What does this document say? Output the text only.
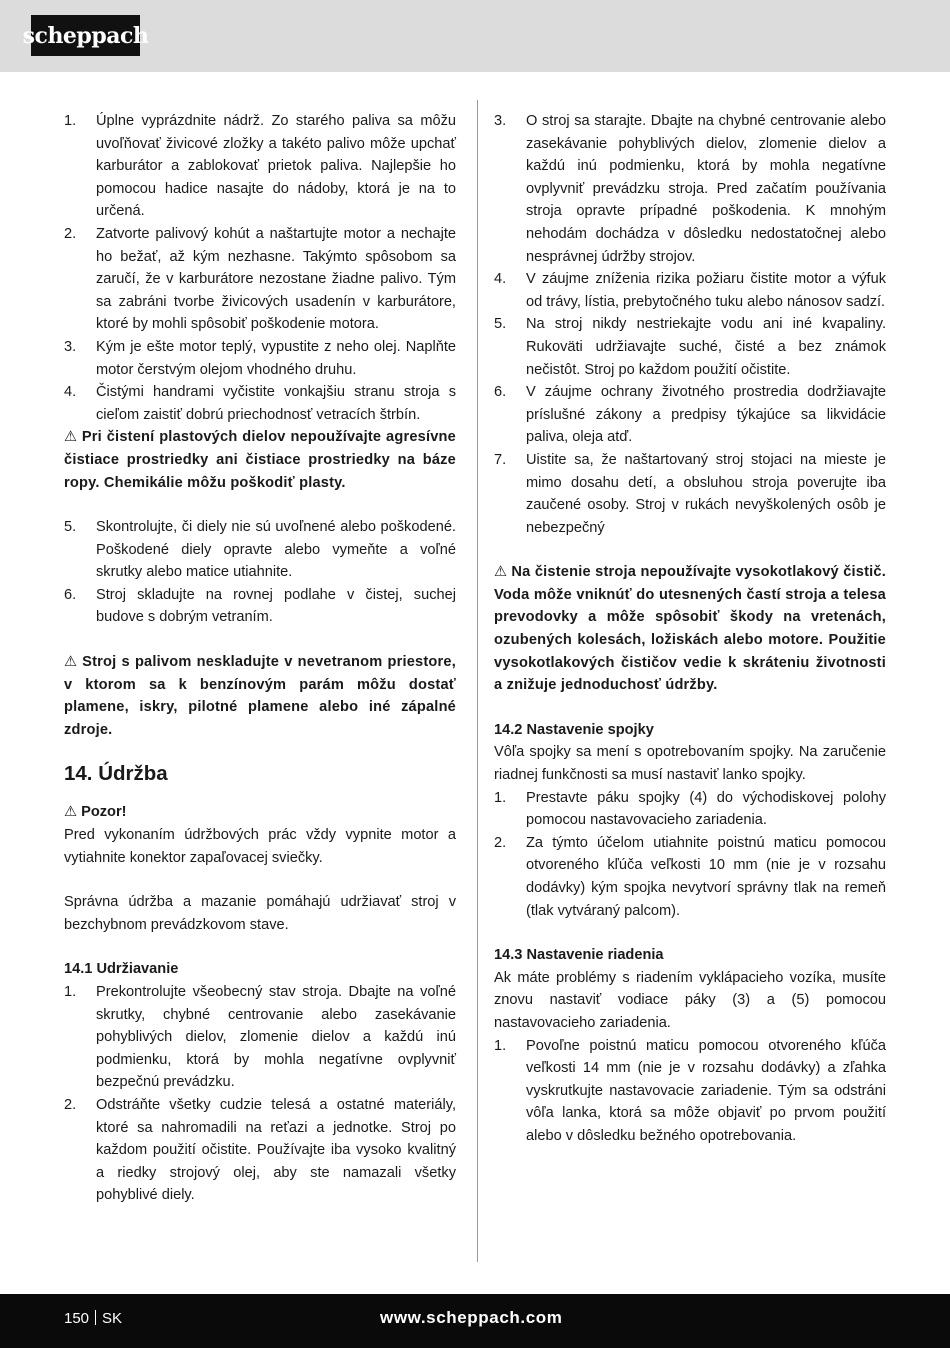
scheppach
1.	Úplne vyprázdnite nádrž. Zo starého paliva sa môžu uvoľňovať živicové zložky a takéto palivo môže upchať karburátor a zablokovať prietok paliva. Najlepšie ho pomocou hadice nasajte do nádoby, ktorá je na to určená.
2.	Zatvorte palivový kohút a naštartujte motor a nechajte ho bežať, až kým nezhasne. Takýmto spôsobom sa zaručí, že v karburátore nezostane žiadne palivo. Tým sa zabráni tvorbe živicových usadenín v karburátore, ktoré by mohli spôsobiť poškodenie motora.
3.	Kým je ešte motor teplý, vypustite z neho olej. Naplňte motor čerstvým olejom vhodného druhu.
4.	Čistými handrami vyčistite vonkajšiu stranu stroja s cieľom zaistiť dobrú priechodnosť vetracích štrbín.
⚠ Pri čistení plastových dielov nepoužívajte agresívne čistiace prostriedky ani čistiace prostriedky na báze ropy. Chemikálie môžu poškodiť plasty.
5.	Skontrolujte, či diely nie sú uvoľnené alebo poškodené. Poškodené diely opravte alebo vymeňte a voľné skrutky alebo matice utiahnite.
6.	Stroj skladujte na rovnej podlahe v čistej, suchej budove s dobrým vetraním.
⚠ Stroj s palivom neskladujte v nevetranom priestore, v ktorom sa k benzínovým parám môžu dostať plamene, iskry, pilotné plamene alebo iné zápalné zdroje.
14. Údržba
⚠ Pozor!
Pred vykonaním údržbových prác vždy vypnite motor a vytiahnite konektor zapaľovacej sviečky.
Správna údržba a mazanie pomáhajú udržiavať stroj v bezchybnom prevádzkovom stave.
14.1 Udržiavanie
1.	Prekontrolujte všeobecný stav stroja. Dbajte na voľné skrutky, chybné centrovanie alebo zasekávanie pohyblivých dielov, zlomenie dielov a každú inú podmienku, ktorá by mohla negatívne ovplyvniť bezpečnú prevádzku.
2.	Odstráňte všetky cudzie telesá a ostatné materiály, ktoré sa nahromadili na reťazi a jednotke. Stroj po každom použití očistite. Používajte iba vysoko kvalitný a riedky strojový olej, aby ste namazali všetky pohyblivé diely.
3.	O stroj sa starajte. Dbajte na chybné centrovanie alebo zasekávanie pohyblivých dielov, zlomenie dielov a každú inú podmienku, ktorá by mohla negatívne ovplyvniť prevádzku stroja. Pred začatím používania stroja opravte prípadné poškodenia. K mnohým nehodám dochádza v dôsledku nedostatočnej alebo nesprávnej údržby strojov.
4.	V záujme zníženia rizika požiaru čistite motor a výfuk od trávy, lístia, prebytočného tuku alebo nánosov sadzí.
5.	Na stroj nikdy nestriekajte vodu ani iné kvapaliny. Rukoväti udržiavajte suché, čisté a bez známok nečistôt. Stroj po každom použití očistite.
6.	V záujme ochrany životného prostredia dodržiavajte príslušné zákony a predpisy týkajúce sa likvidácie paliva, oleja atď.
7.	Uistite sa, že naštartovaný stroj stojaci na mieste je mimo dosahu detí, a obsluhou stroja poverujte iba zaučené osoby. Stroj v rukách nevyškolených osôb je nebezpečný
⚠ Na čistenie stroja nepoužívajte vysokotlakový čistič. Voda môže vniknúť do utesnených častí stroja a telesa prevodovky a môže spôsobiť škody na vretenách, ozubených kolesách, ložiskách alebo motore. Použitie vysokotlakových čističov vedie k skráteniu životnosti a znižuje jednoduchosť údržby.
14.2 Nastavenie spojky
Vôľa spojky sa mení s opotrebovaním spojky. Na zaručenie riadnej funkčnosti sa musí nastaviť lanko spojky.
1.	Prestavte páku spojky (4) do východiskovej polohy pomocou nastavovacieho zariadenia.
2.	Za týmto účelom utiahnite poistnú maticu pomocou otvoreného kľúča veľkosti 10 mm (nie je v rozsahu dodávky) kým spojka nevytvorí správny tlak na remeň (tlak vytváraný palcom).
14.3 Nastavenie riadenia
Ak máte problémy s riadením vyklápacieho vozíka, musíte znovu nastaviť vodiace páky (3) a (5) pomocou nastavovacieho zariadenia.
1.	Povoľne poistnú maticu pomocou otvoreného kľúča veľkosti 14 mm (nie je v rozsahu dodávky) a zľahka vyskrutkujte nastavovacie zariadenie. Tým sa odstráni vôľa lanka, ktorá sa môže objaviť po prvom použití alebo v dôsledku bežného opotrebovania.
150 SK	www.scheppach.com
